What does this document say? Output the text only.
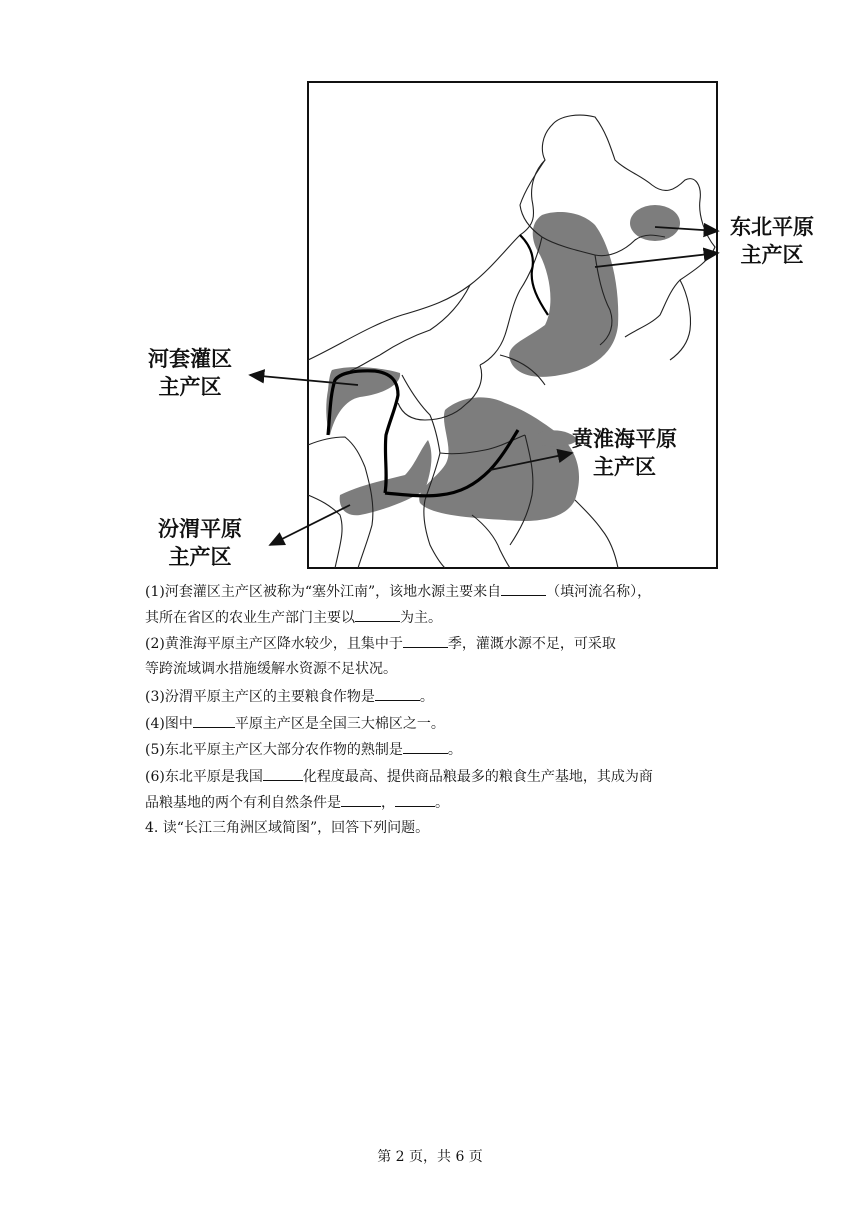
东北平原
主产区
河套灌区
主产区
黄淮海平原
主产区
汾渭平原
主产区
(1)河套灌区主产区被称为“塞外江南”，该地水源主要来自	（填河流名称），
其所在省区的农业生产部门主要以	为主。
(2)黄淮海平原主产区降水较少，且集中于	季，灌溉水源不足，可采取
等跨流域调水措施缓解水资源不足状况。
(3)汾渭平原主产区的主要粮食作物是	。
(4)图中	平原主产区是全国三大棉区之一。
(5)东北平原主产区大部分农作物的熟制是	。
(6)东北平原是我国	化程度最高、提供商品粮最多的粮食生产基地，其成为商
品粮基地的两个有利自然条件是	，	。
4. 读“长江三角洲区域简图”，回答下列问题。
第 2 页，共 6 页
